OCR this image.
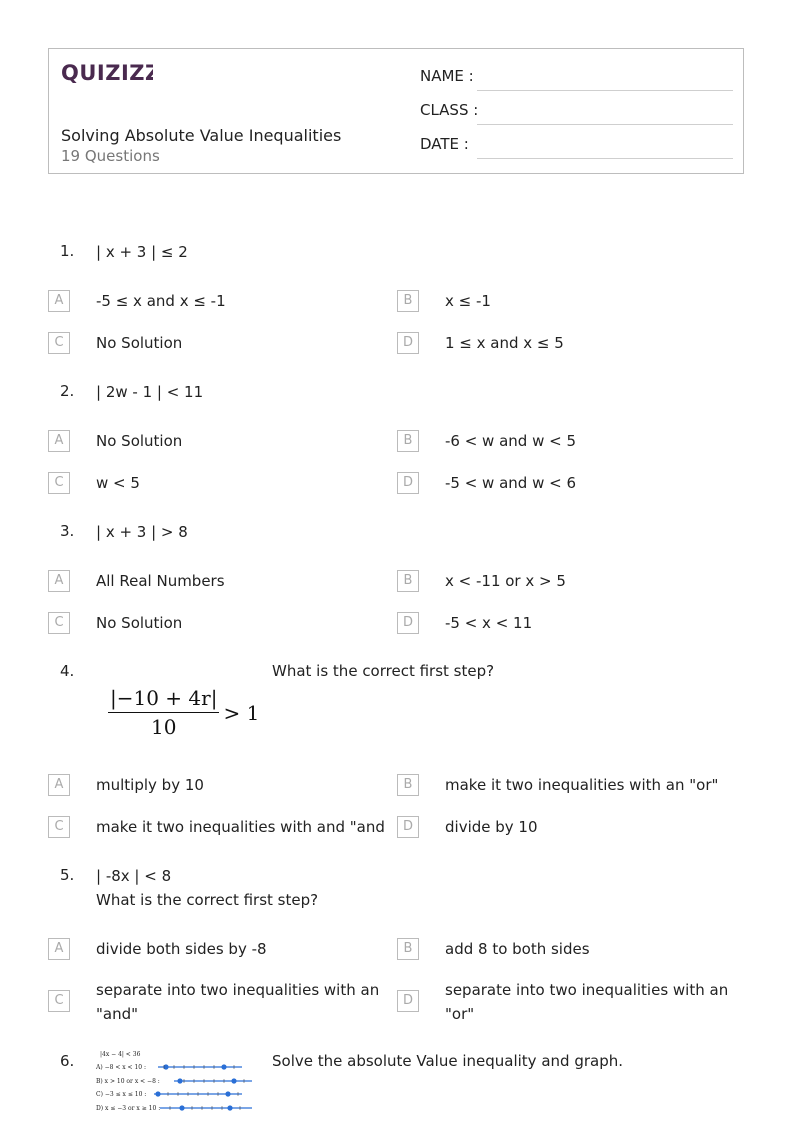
QUIZIZZ
Solving Absolute Value Inequalities
19 Questions
NAME :
CLASS :
DATE :
1. | x + 3 | ≤ 2
A	-5 ≤ x and x ≤ -1	B	x ≤ -1
C	No Solution	D	1 ≤ x and x ≤ 5
2. | 2w - 1 | < 11
A	No Solution	B	-6 < w and w < 5
C	w < 5	D	-5 < w and w < 6
3. | x + 3 | > 8
A	All Real Numbers	B	x < -11 or x > 5
C	No Solution	D	-5 < x < 11
4.	What is the correct first step?
$\frac{|-10 + 4r|}{10} > 1$
A	multiply by 10	B	make it two inequalities with an "or"
C	make it two inequalities with and "and	D	divide by 10
5. | -8x | < 8
What is the correct first step?
A	divide both sides by -8	B	add 8 to both sides
C
separate into two inequalities with an
"and"
D
separate into two inequalities with an
"or"
6.	Solve the absolute Value inequality and graph.
|4x − 4| < 36
A) −8 < x < 10 :
B) x > 10 or x < −8 :
C) −3 ≤ x ≤ 10 :
D) x ≤ −3 or x ≥ 10 :
